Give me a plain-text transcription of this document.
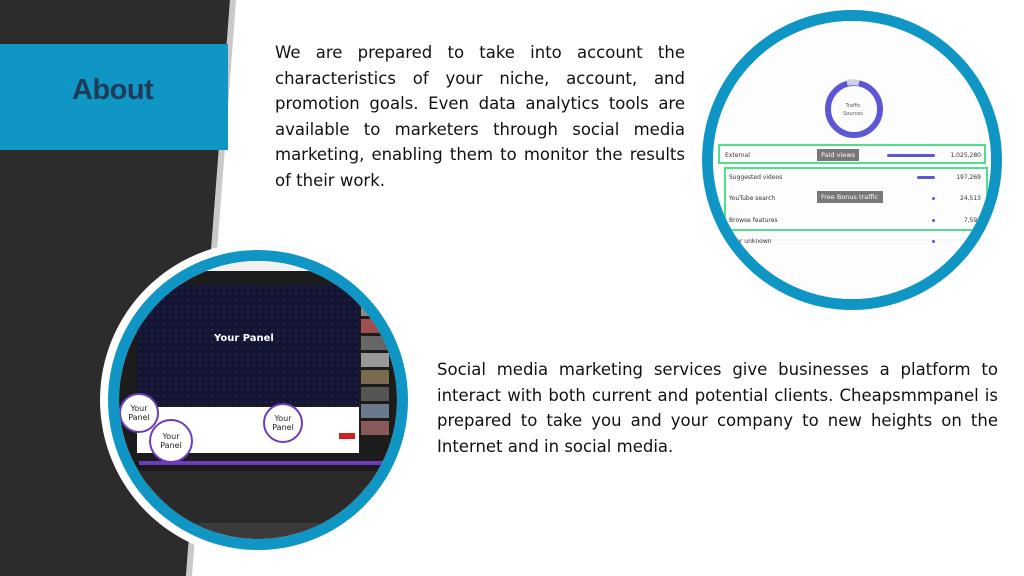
About
We are prepared to take into account the characteristics of your niche, account, and promotion goals. Even data analytics tools are available to marketers through social media marketing, enabling them to monitor the results of their work.
Social media marketing services give businesses a platform to interact with both current and potential clients. Cheapsmmpanel is prepared to take you and your company to new heights on the Internet and in social media.
Traffic
Sources
Paid views
Free Bonus traffic
External
Suggested videos
YouTube search
Browse features
ect or unknown
1,025,280
197,269
24,513
7,591
3,28
Your Panel
Your Panel
Your Panel
Your Panel
